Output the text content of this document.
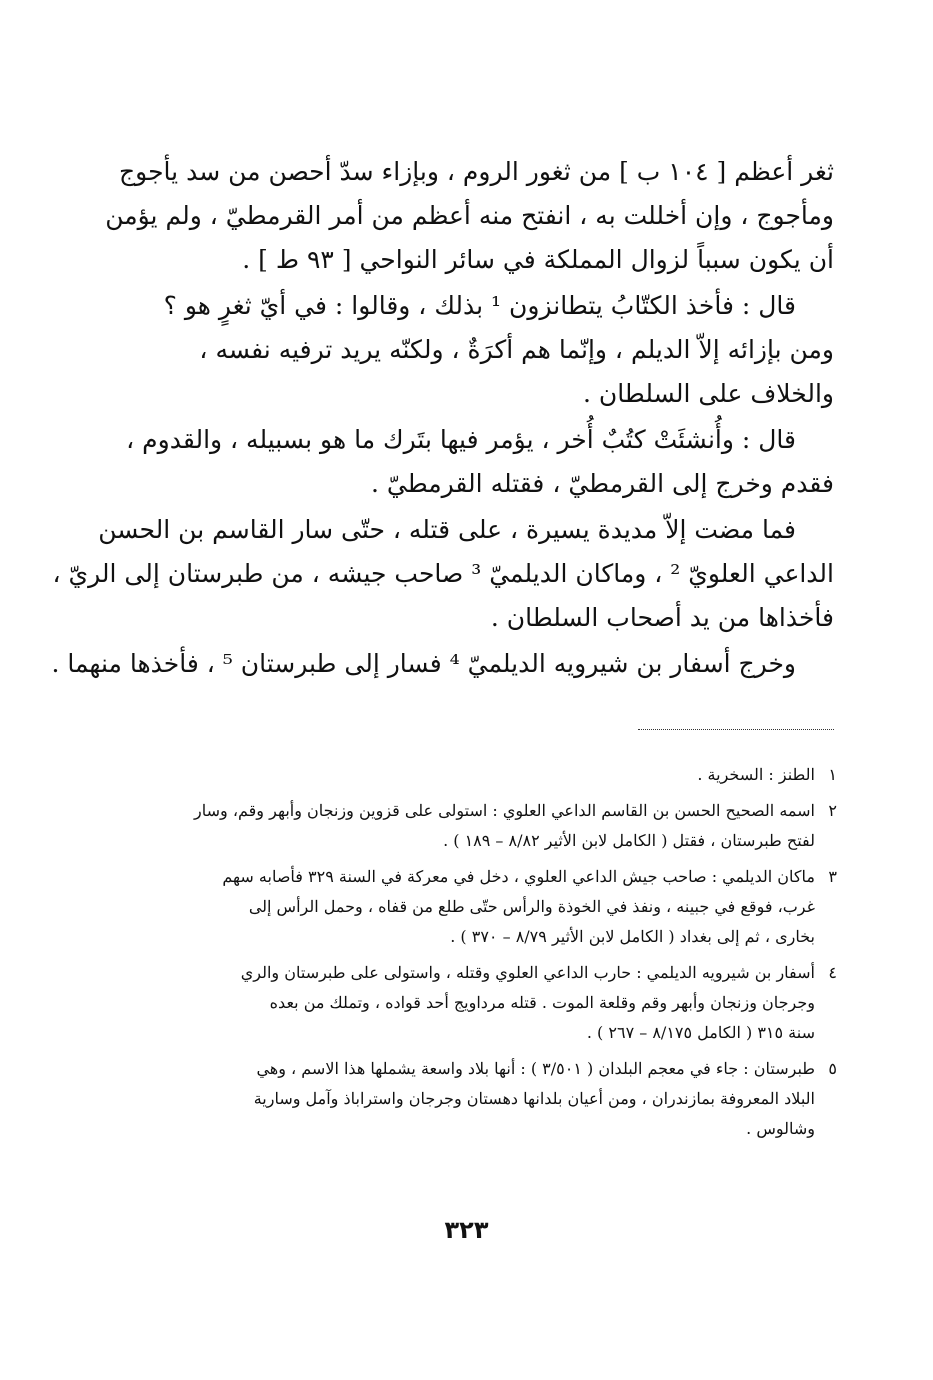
ثغر أعظم [ ١٠٤ ب ] من ثغور الروم ، وبإزاء سدّ أحصن من سد يأجوج
ومأجوج ، وإن أخللت به ، انفتح منه أعظم من أمر القرمطيّ ، ولم يؤمن
أن يكون سبباً لزوال المملكة في سائر النواحي [ ٩٣ ط ] .

قال : فأخذ الكتّابُ يتطانزون ¹ بذلك ، وقالوا : في أيّ ثغرٍ هو ؟
ومن بإزائه إلاّ الديلم ، وإنّما هم أكرَةٌ ، ولكنّه يريد ترفيه نفسه ،
والخلاف على السلطان .

قال : وأُنشئَتْ كتُبٌ أُخر ، يؤمر فيها بتَرك ما هو بسبيله ، والقدوم ،
فقدم وخرج إلى القرمطيّ ، فقتله القرمطيّ .

فما مضت إلاّ مديدة يسيرة ، على قتله ، حتّى سار القاسم بن الحسن
الداعي العلويّ ² ، وماكان الديلميّ ³ صاحب جيشه ، من طبرستان إلى الريّ ،
فأخذاها من يد أصحاب السلطان .

وخرج أسفار بن شيرويه الديلميّ ⁴ فسار إلى طبرستان ⁵ ، فأخذها منهما .

١
الطنز : السخرية .
٢
اسمه الصحيح الحسن بن القاسم الداعي العلوي : استولى على قزوين وزنجان وأبهر وقم، وسار
لفتح طبرستان ، فقتل ( الكامل لابن الأثير ٨/٨٢ – ١٨٩ ) .
٣
ماكان الديلمي : صاحب جيش الداعي العلوي ، دخل في معركة في السنة ٣٢٩ فأصابه سهم
غرب، فوقع في جبينه ، ونفذ في الخوذة والرأس حتّى طلع من قفاه ، وحمل الرأس إلى
بخارى ، ثم إلى بغداد ( الكامل لابن الأثير ٨/٧٩ – ٣٧٠ ) .
٤
أسفار بن شيرويه الديلمي : حارب الداعي العلوي وقتله ، واستولى على طبرستان والري
وجرجان وزنجان وأبهر وقم وقلعة الموت . قتله مرداويج أحد قواده ، وتملك من بعده
سنة ٣١٥ ( الكامل ٨/١٧٥ – ٢٦٧ ) .
٥
طبرستان : جاء في معجم البلدان ( ٣/٥٠١ ) : أنها بلاد واسعة يشملها هذا الاسم ، وهي
البلاد المعروفة بمازندران ، ومن أعيان بلدانها دهستان وجرجان واستراباذ وآمل وسارية
وشالوس .
٣٢٣
